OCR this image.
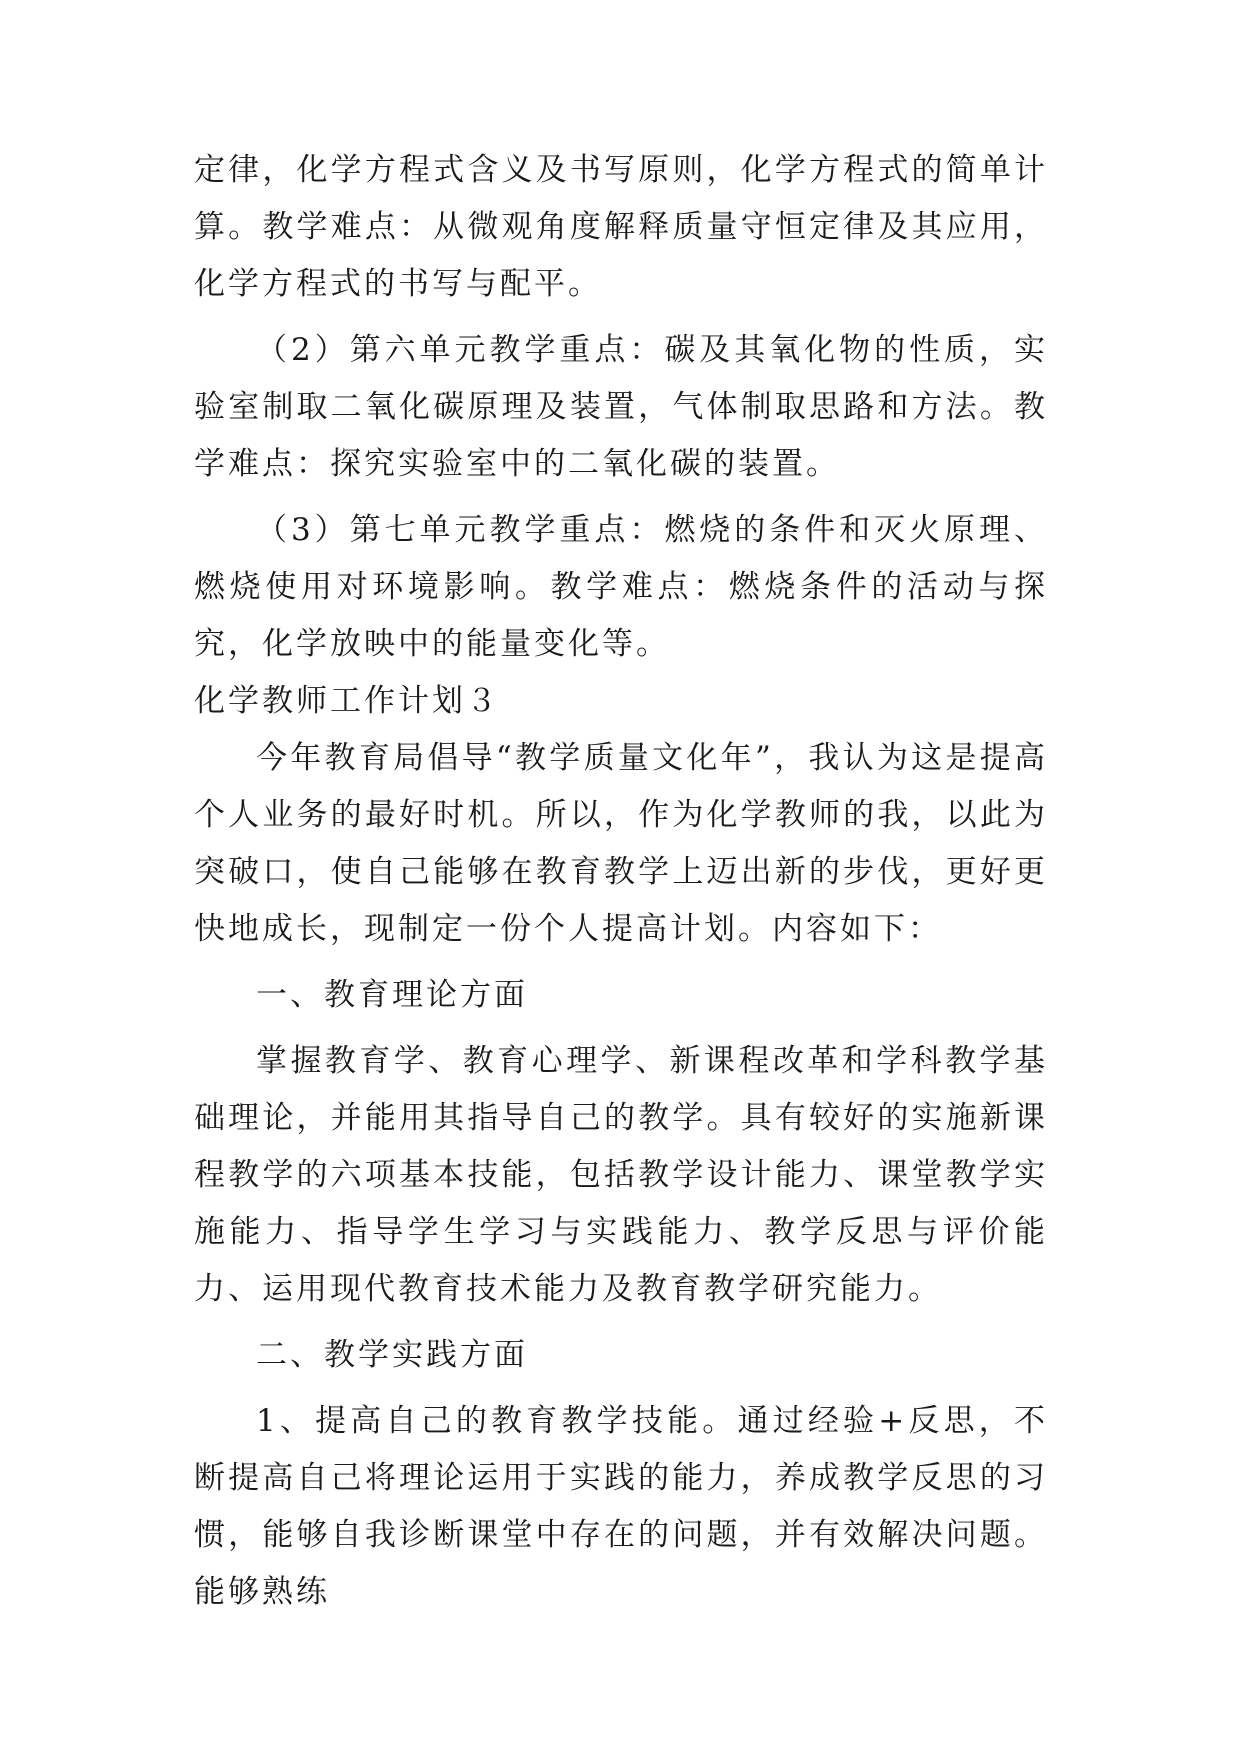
定律，化学方程式含义及书写原则，化学方程式的简单计算。教学难点：从微观角度解释质量守恒定律及其应用，化学方程式的书写与配平。

（2）第六单元教学重点：碳及其氧化物的性质，实验室制取二氧化碳原理及装置，气体制取思路和方法。教学难点：探究实验室中的二氧化碳的装置。

（3）第七单元教学重点：燃烧的条件和灭火原理、燃烧使用对环境影响。教学难点：燃烧条件的活动与探究，化学放映中的能量变化等。

化学教师工作计划３

今年教育局倡导“教学质量文化年”，我认为这是提高个人业务的最好时机。所以，作为化学教师的我，以此为突破口，使自己能够在教育教学上迈出新的步伐，更好更快地成长，现制定一份个人提高计划。内容如下：

一、教育理论方面

掌握教育学、教育心理学、新课程改革和学科教学基础理论，并能用其指导自己的教学。具有较好的实施新课程教学的六项基本技能，包括教学设计能力、课堂教学实施能力、指导学生学习与实践能力、教学反思与评价能力、运用现代教育技术能力及教育教学研究能力。

二、教学实践方面

1、提高自己的教育教学技能。通过经验+反思，不断提高自己将理论运用于实践的能力，养成教学反思的习惯，能够自我诊断课堂中存在的问题，并有效解决问题。能够熟练
